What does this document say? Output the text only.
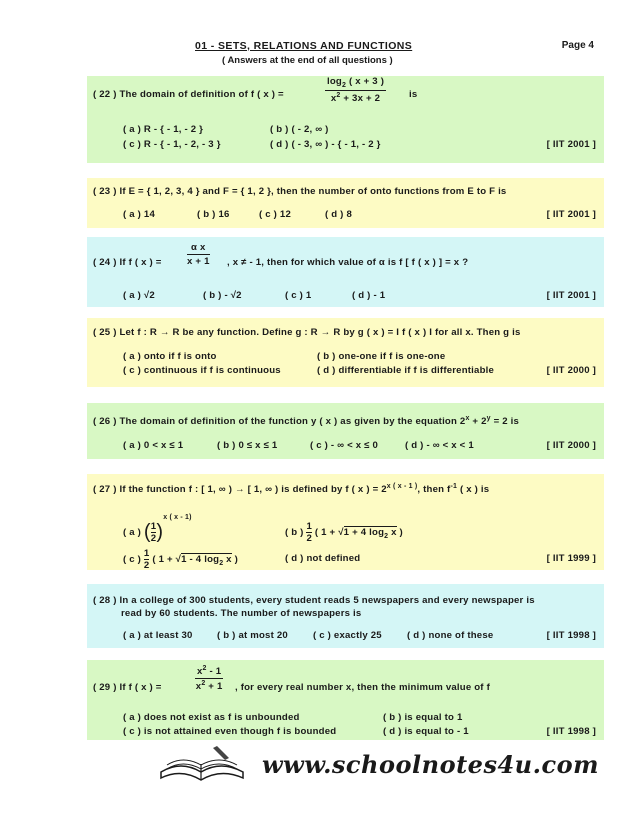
01 - SETS, RELATIONS AND FUNCTIONS	Page 4
( Answers at the end of all questions )
( 22 ) The domain of definition of f ( x ) =	$\frac{\log_2 ( x + 3 )}{x^2 + 3x + 2}$ is
( a ) R - { - 1, - 2 }	( b ) ( - 2, ∞ )
( c ) R - { - 1, - 2, - 3 }	( d ) ( - 3, ∞ ) - { - 1, - 2 }	[ IIT 2001 ]
( 23 ) If E = { 1, 2, 3, 4 } and F = { 1, 2 }, then the number of onto functions from E to F is
( a ) 14	( b ) 16	( c ) 12	( d ) 8	[ IIT 2001 ]
( 24 ) If f ( x ) =	$\frac{\text{α x}}{x + 1}$ , x ≠ - 1, then for which value of α is f [ f ( x ) ] = x ?
( a ) √2	( b ) - √2	( c ) 1	( d ) - 1	[ IIT 2001 ]
( 25 ) Let f : R → R be any function. Define g : R → R by g ( x ) = I f ( x ) I for all x. Then g is
( a ) onto if f is onto	( b ) one-one if f is one-one
( c ) continuous if f is continuous	( d ) differentiable if f is differentiable	[ IIT 2000 ]
( 26 ) The domain of definition of the function y ( x ) as given by the equation $2^x + 2^y = 2$ is
( a ) 0 < x ≤ 1	( b ) 0 ≤ x ≤ 1	( c ) - ∞ < x ≤ 0	( d ) - ∞ < x < 1	[ IIT 2000 ]
( 27 ) If the function f : [ 1, ∞ ) → [ 1, ∞ ) is defined by f ( x ) = $2^{x ( x - 1 )}$, then $f^{-1}$ ( x ) is
( a ) ( $\frac{1}{2} )^{x ( x - 1)}$
( b ) $\frac{1}{2}$ ( 1 + √1 + 4 $\log_2 x$ )
( c ) $\frac{1}{2}$ ( 1 + √1 - 4 $\log_2 x$ )	( d ) not defined	[ IIT 1999 ]
( 28 ) In a college of 300 students, every student reads 5 newspapers and every newspaper is
read by 60 students. The number of newspapers is
( a ) at least 30	( b ) at most 20	( c ) exactly 25	( d ) none of these	[ IIT 1998 ]
( 29 ) If f ( x ) =	$\frac{x^2 - 1}{x^2 + 1}$ , for every real number x, then the minimum value of f
( a ) does not exist as f is unbounded	( b ) is equal to 1
( c ) is not attained even though f is bounded	( d ) is equal to - 1	[ IIT 1998 ]
www.schoolnotes4u.com
